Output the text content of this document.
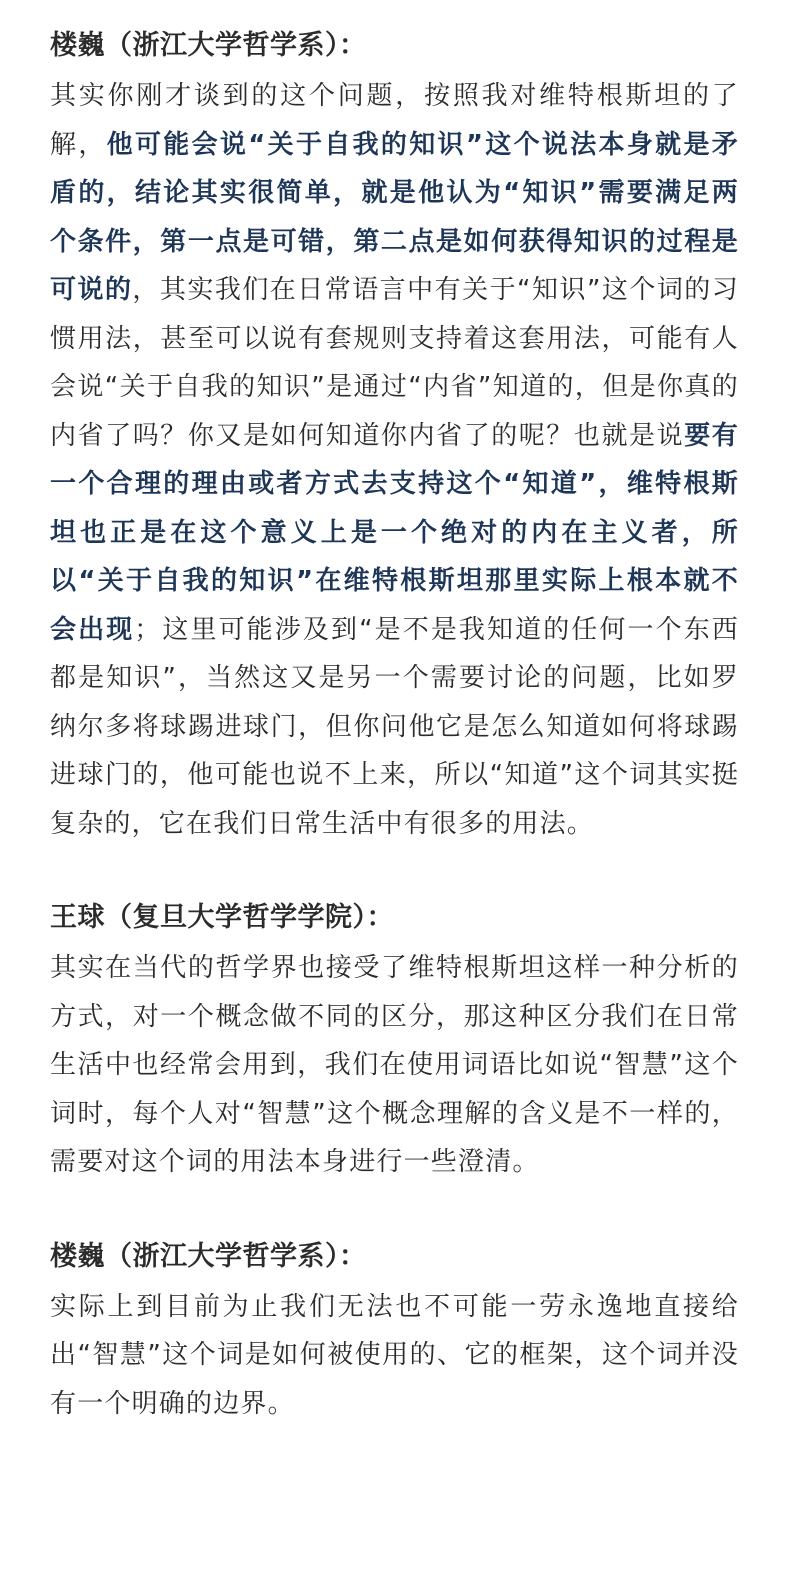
楼巍（浙江大学哲学系）：

其实你刚才谈到的这个问题，按照我对维特根斯坦的了解，他可能会说“关于自我的知识”这个说法本身就是矛盾的，结论其实很简单，就是他认为“知识”需要满足两个条件，第一点是可错，第二点是如何获得知识的过程是可说的，其实我们在日常语言中有关于“知识”这个词的习惯用法，甚至可以说有套规则支持着这套用法，可能有人会说“关于自我的知识”是通过“内省”知道的，但是你真的内省了吗？你又是如何知道你内省了的呢？也就是说要有一个合理的理由或者方式去支持这个“知道”，维特根斯坦也正是在这个意义上是一个绝对的内在主义者，所以“关于自我的知识”在维特根斯坦那里实际上根本就不会出现；这里可能涉及到“是不是我知道的任何一个东西都是知识”，当然这又是另一个需要讨论的问题，比如罗纳尔多将球踢进球门，但你问他它是怎么知道如何将球踢进球门的，他可能也说不上来，所以“知道”这个词其实挺复杂的，它在我们日常生活中有很多的用法。

王球（复旦大学哲学学院）：

其实在当代的哲学界也接受了维特根斯坦这样一种分析的方式，对一个概念做不同的区分，那这种区分我们在日常生活中也经常会用到，我们在使用词语比如说“智慧”这个词时，每个人对“智慧”这个概念理解的含义是不一样的，需要对这个词的用法本身进行一些澄清。

楼巍（浙江大学哲学系）：

实际上到目前为止我们无法也不可能一劳永逸地直接给出“智慧”这个词是如何被使用的、它的框架，这个词并没有一个明确的边界。
